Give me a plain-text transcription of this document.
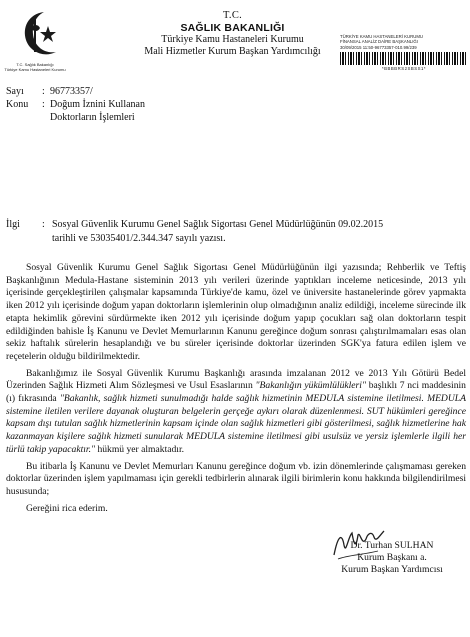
T.C. Sağlık Bakanlığı
Türkiye Kamu Hastaneleri Kurumu
T.C.
SAĞLIK BAKANLIĞI
Türkiye Kamu Hastaneleri Kurumu
Mali Hizmetler Kurum Başkan Yardımcılığı
TÜRKİYE KAMU HASTANELERİ KURUMU
FİNANSAL ANALİZ DAİRE BAŞKANLIĞI
30/09/2015 11:50-96773357-010.99/239
*BBBBRS2SBSS1*
Sayı	: 96773357/
Konu	: Doğum İznini Kullanan
Doktorların İşlemleri
İlgi : Sosyal Güvenlik Kurumu Genel Sağlık Sigortası Genel Müdürlüğünün 09.02.2015
tarihli ve 53035401/2.344.347 sayılı yazısı.

Sosyal Güvenlik Kurumu Genel Sağlık Sigortası Genel Müdürlüğünün ilgi yazısında; Rehberlik ve Teftiş Başkanlığının Medula-Hastane sisteminin 2013 yılı verileri üzerinde yaptıkları inceleme neticesinde, 2013 yılı içerisinde gerçekleştirilen çalışmalar kapsamında Türkiye'de kamu, özel ve üniversite hastanelerinde görev yapmakta iken 2012 yılı içerisinde doğum yapan doktorların işlemlerinin olup olmadığının analiz edildiği, inceleme sürecinde ilk etapta hekimlik görevini sürdürmekte iken 2012 yılı içerisinde doğum yapıp çocukları sağ olan doktorların tespit edildiğinden bahisle İş Kanunu ve Devlet Memurlarının Kanunu gereğince doğum sonrası çalıştırılmamaları esas olan sekiz haftalık sürelerin hesaplandığı ve bu süreler içerisinde doktorlar üzerinden SGK'ya fatura edilen işlem ve reçetelerin olduğu bildirilmektedir.

Bakanlığımız ile Sosyal Güvenlik Kurumu Başkanlığı arasında imzalanan 2012 ve 2013 Yılı Götürü Bedel Üzerinden Sağlık Hizmeti Alım Sözleşmesi ve Usul Esaslarının "Bakanlığın yükümlülükleri" başlıklı 7 nci maddesinin (ı) fıkrasında "Bakanlık, sağlık hizmeti sunulmadığı halde sağlık hizmetinin MEDULA sistemine iletilmesi. MEDULA sistemine iletilen verilere dayanak oluşturan belgelerin gerçeğe aykırı olarak düzenlenmesi. SUT hükümleri gereğince kapsam dışı tutulan sağlık hizmetlerinin kapsam içinde olan sağlık hizmetleri gibi gösterilmesi, sağlık hizmetlerine hak kazanmayan kişilere sağlık hizmeti sunularak MEDULA sistemine iletilmesi gibi usulsüz ve yersiz işlemlerle ilgili her türlü takip yapacaktır." hükmü yer almaktadır.

Bu itibarla İş Kanunu ve Devlet Memurları Kanunu gereğince doğum vb. izin dönemlerinde çalışmaması gereken doktorlar üzerinden işlem yapılmaması için gerekli tedbirlerin alınarak ilgili birimlerin konu hakkında bilgilendirilmesi hususunda;

Gereğini rica ederim.

Dr. Turhan SULHAN
Kurum Başkanı a.
Kurum Başkan Yardımcısı
